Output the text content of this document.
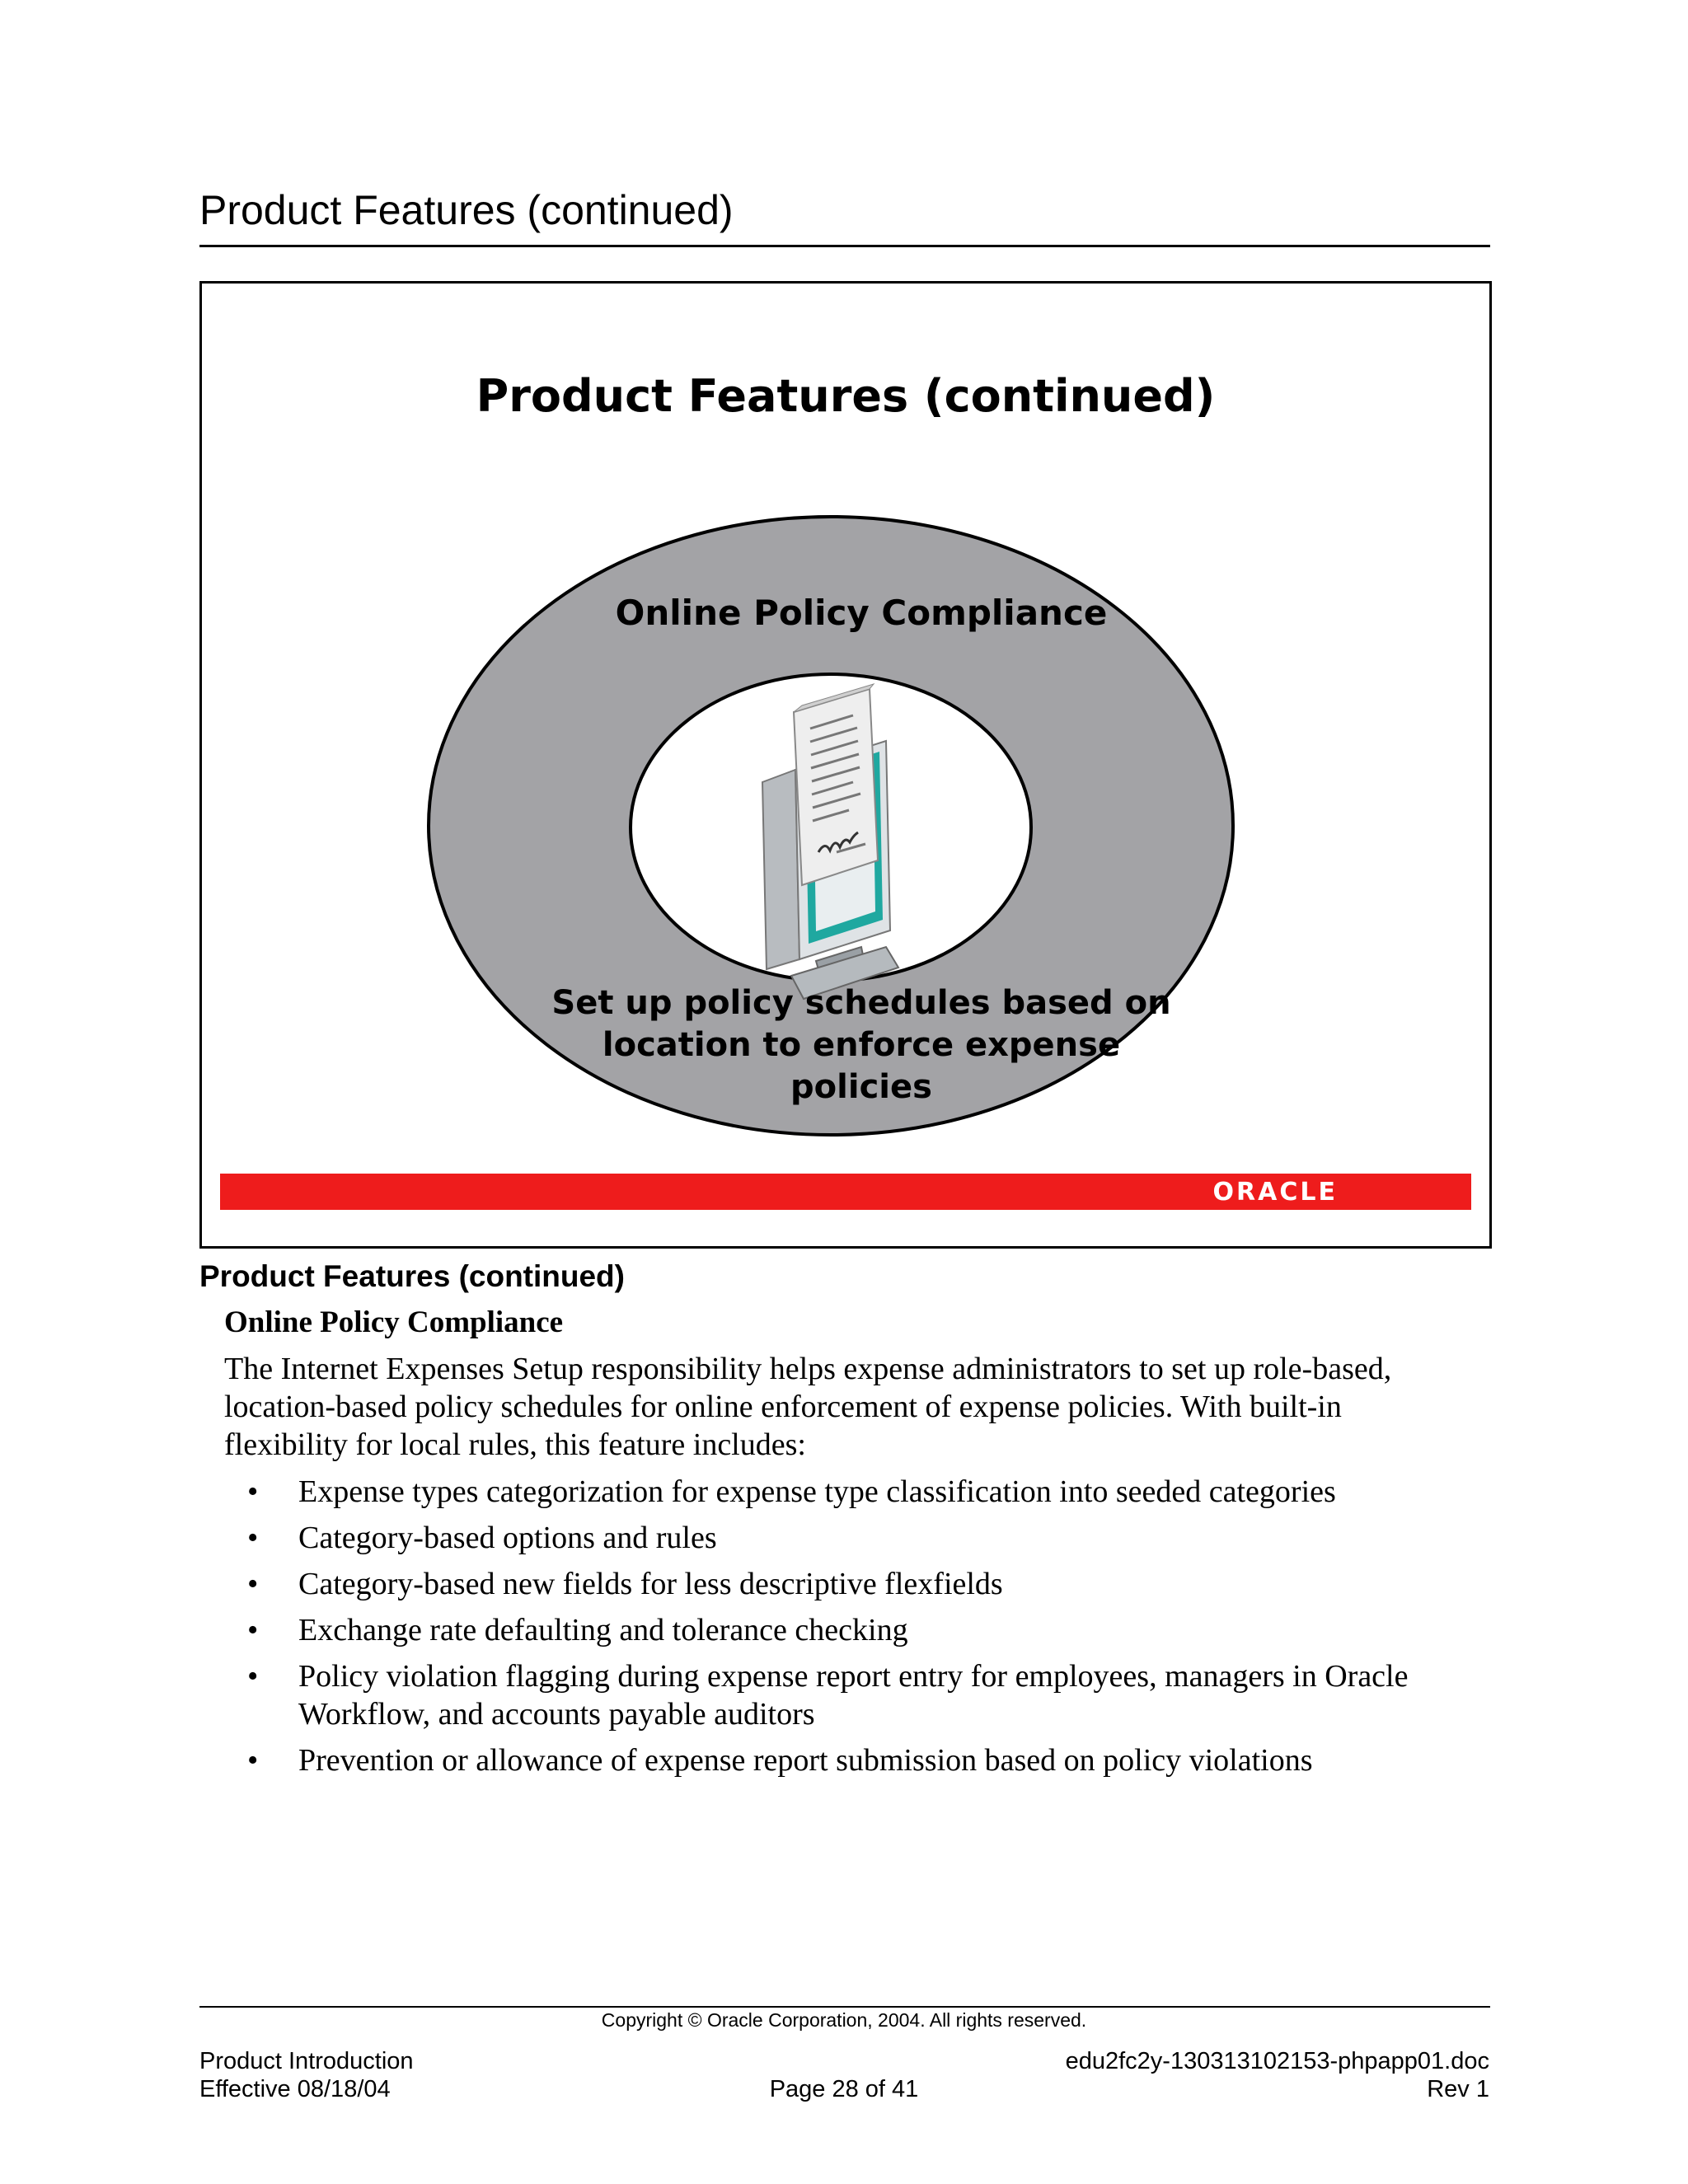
Product Features (continued)
Product Features (continued)
Online Policy Compliance
Set up policy schedules based on
location to enforce expense
policies
ORACLE
Product Features (continued)
Online Policy Compliance
The Internet Expenses Setup responsibility helps expense administrators to set up role-based,
location-based policy schedules for online enforcement of expense policies. With built-in
flexibility for local rules, this feature includes:
• Expense types categorization for expense type classification into seeded categories
• Category-based options and rules
• Category-based new fields for less descriptive flexfields
• Exchange rate defaulting and tolerance checking
• Policy violation flagging during expense report entry for employees, managers in Oracle
Workflow, and accounts payable auditors
• Prevention or allowance of expense report submission based on policy violations
Copyright © Oracle Corporation, 2004. All rights reserved.
Product Introduction
Effective 08/18/04	Page 28 of 41
edu2fc2y-130313102153-phpapp01.doc
Rev 1
